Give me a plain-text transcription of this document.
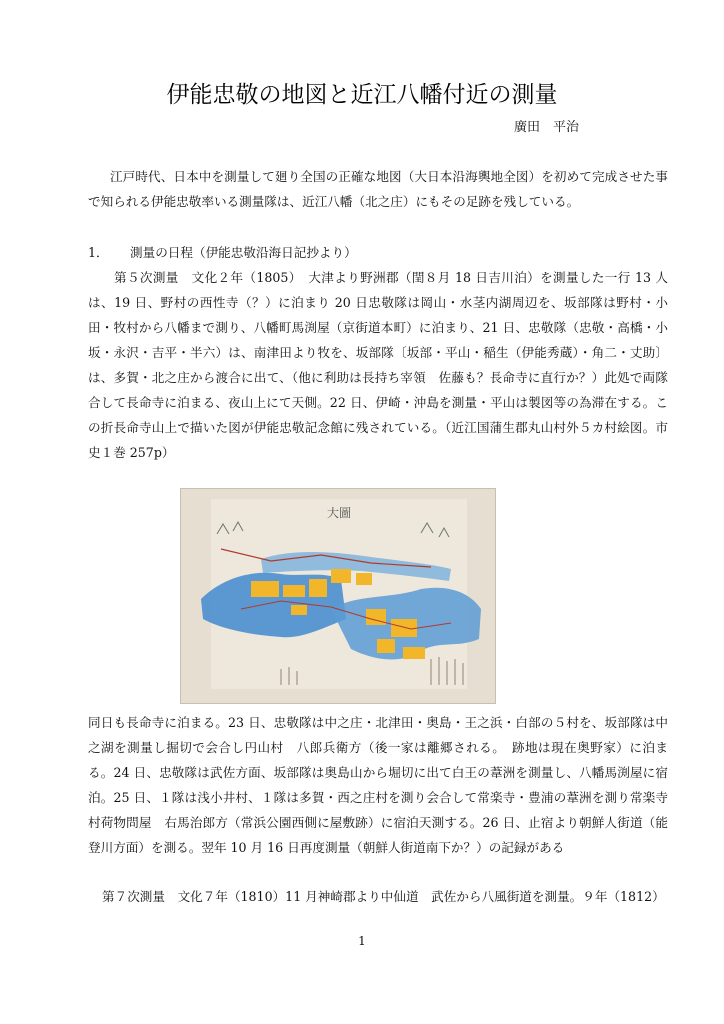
伊能忠敬の地図と近江八幡付近の測量
廣田　平治

江戸時代、日本中を測量して廻り全国の正確な地図（大日本沿海輿地全図）を初めて完成させた事で知られる伊能忠敬率いる測量隊は、近江八幡（北之庄）にもその足跡を残している。

1． 測量の日程（伊能忠敬沿海日記抄より）

第５次測量　文化２年（1805）　大津より野洲郡（閏８月 18 日吉川泊）を測量した一行 13 人は、19 日、野村の西性寺（？）に泊まり 20 日忠敬隊は岡山・水茎内湖周辺を、坂部隊は野村・小田・牧村から八幡まで測り、八幡町馬渕屋（京街道本町）に泊まり、21 日、忠敬隊（忠敬・高橋・小坂・永沢・吉平・半六）は、南津田より牧を、坂部隊〔坂部・平山・稲生（伊能秀蔵）・角二・丈助〕は、多賀・北之庄から渡合に出て、（他に利助は長持ち宰領　佐藤も？長命寺に直行か？）此処で両隊合して長命寺に泊まる、夜山上にて天側。22 日、伊崎・沖島を測量・平山は製図等の為滞在する。この折長命寺山上で描いた図が伊能忠敬記念館に残されている。（近江国蒲生郡丸山村外５カ村絵図。市史１巻 257p）

大圖

同日も長命寺に泊まる。23 日、忠敬隊は中之庄・北津田・奥島・王之浜・白部の５村を、坂部隊は中之湖を測量し掘切で会合し円山村　八郎兵衛方（後一家は離郷される。　跡地は現在奥野家）に泊まる。24 日、忠敬隊は武佐方面、坂部隊は奥島山から堀切に出て白王の葦洲を測量し、八幡馬渕屋に宿泊。25 日、１隊は浅小井村、１隊は多賀・西之庄村を測り会合して常楽寺・豊浦の葦洲を測り常楽寺村荷物問屋　右馬治郎方（常浜公園西側に屋敷跡）に宿泊天測する。26 日、止宿より朝鮮人街道（能登川方面）を測る。翌年 10 月 16 日再度測量（朝鮮人街道南下か？）の記録がある

第７次測量　文化７年（1810）11 月神崎郡より中仙道　武佐から八風街道を測量。９年（1812）

1
